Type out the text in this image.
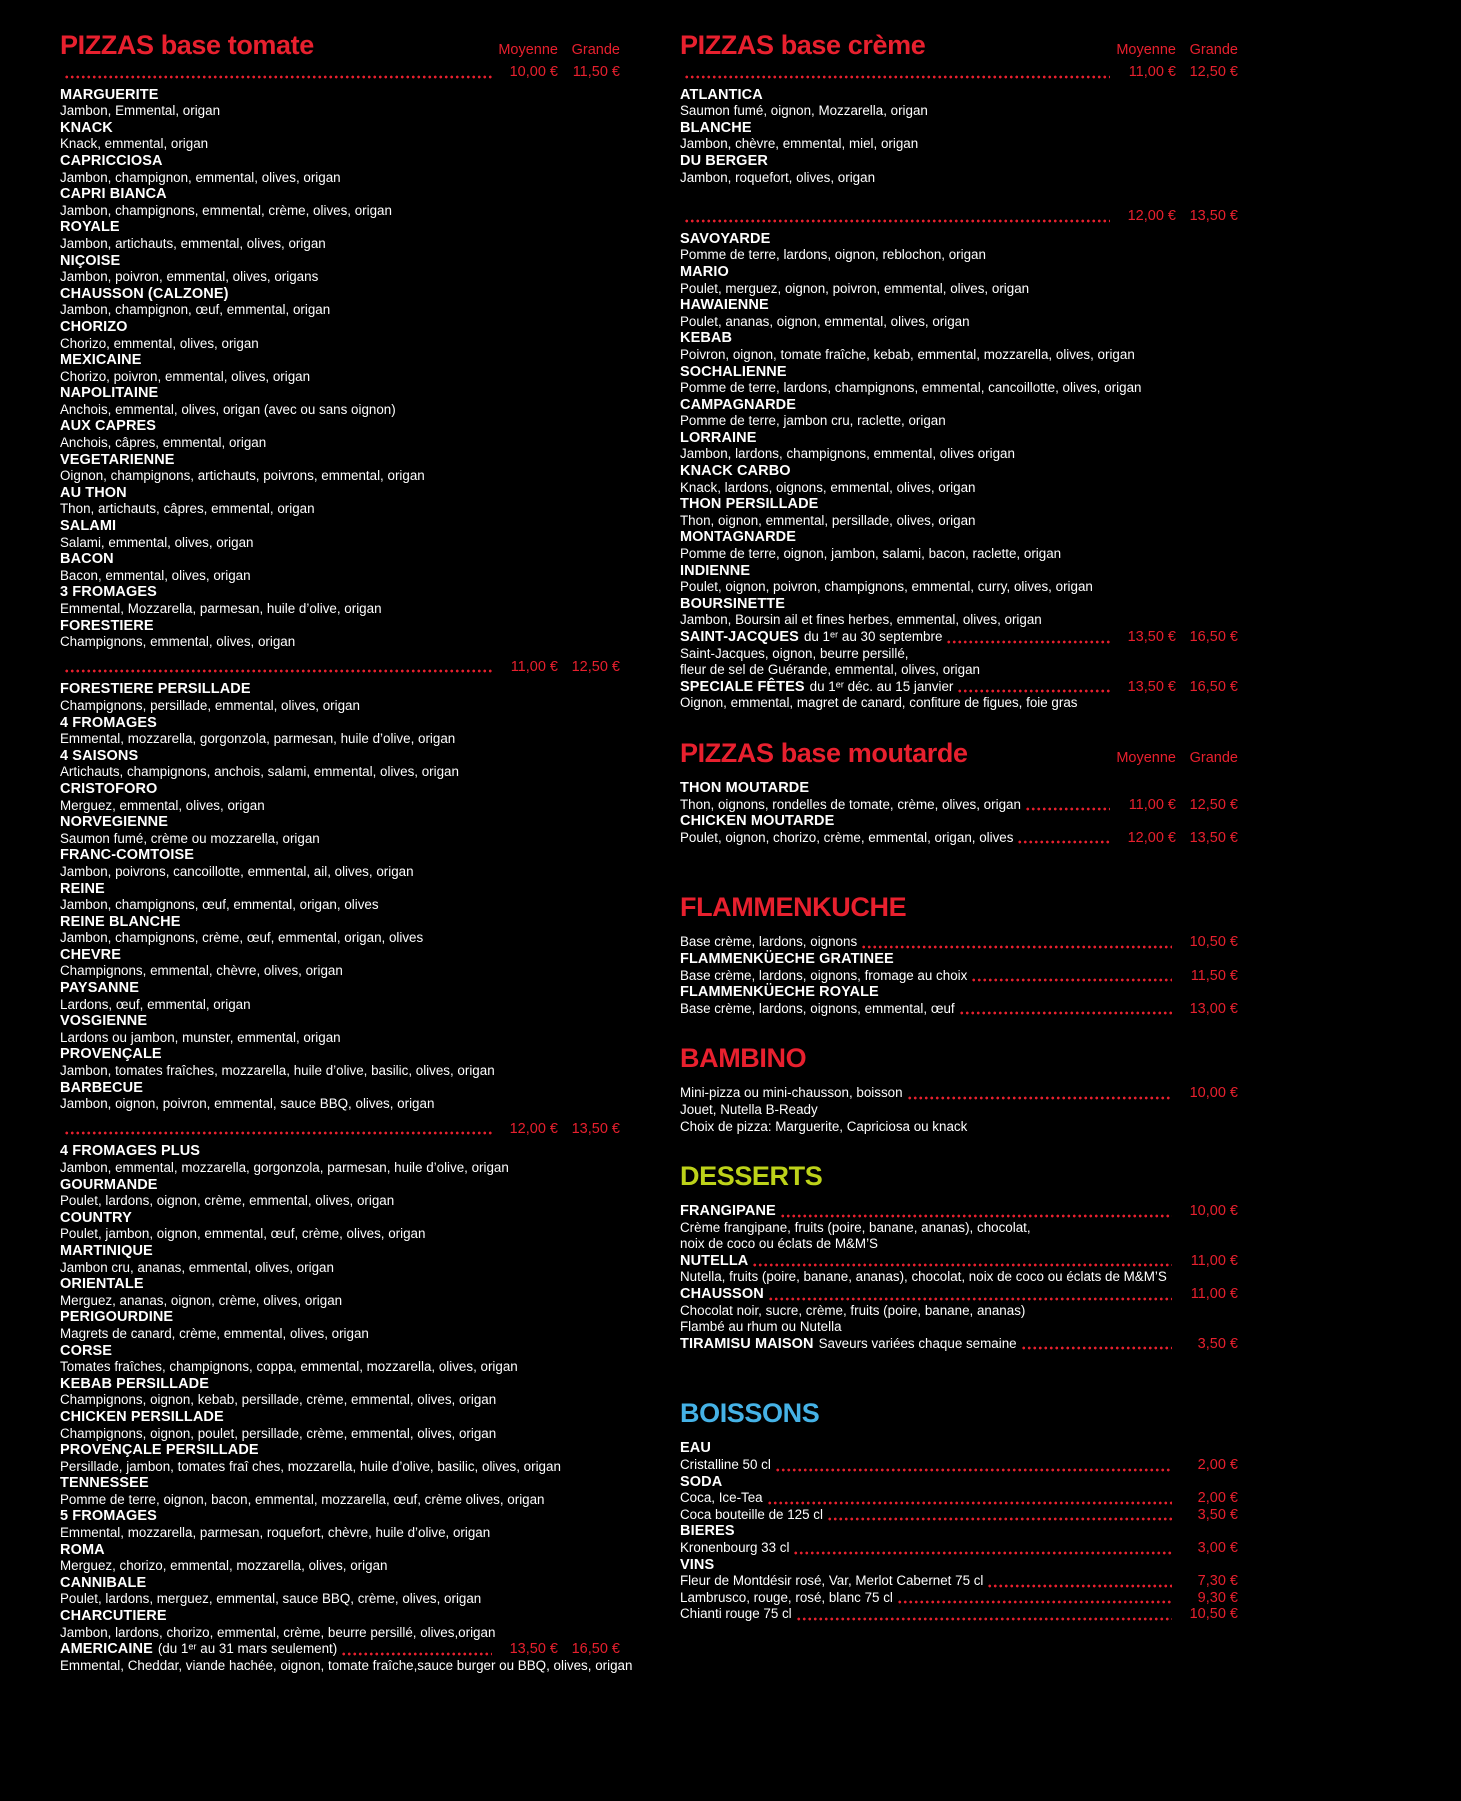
PIZZAS base tomate	Moyenne Grande
10,00 €	11,50 €
MARGUERITE
Jambon, Emmental, origan
KNACK
Knack, emmental, origan
CAPRICCIOSA
Jambon, champignon, emmental, olives, origan
CAPRI BIANCA
Jambon, champignons, emmental, crème, olives, origan
ROYALE
Jambon, artichauts, emmental, olives, origan
NIÇOISE
Jambon, poivron, emmental, olives, origans
CHAUSSON (CALZONE)
Jambon, champignon, œuf, emmental, origan
CHORIZO
Chorizo, emmental, olives, origan
MEXICAINE
Chorizo, poivron, emmental, olives, origan
NAPOLITAINE
Anchois, emmental, olives, origan (avec ou sans oignon)
AUX CAPRES
Anchois, câpres, emmental, origan
VEGETARIENNE
Oignon, champignons, artichauts, poivrons, emmental, origan
AU THON
Thon, artichauts, câpres, emmental, origan
SALAMI
Salami, emmental, olives, origan
BACON
Bacon, emmental, olives, origan
3 FROMAGES
Emmental, Mozzarella, parmesan, huile d’olive, origan
FORESTIERE
Champignons, emmental, olives, origan
11,00 € 12,50 €
FORESTIERE PERSILLADE
Champignons, persillade, emmental, olives, origan
4 FROMAGES
Emmental, mozzarella, gorgonzola, parmesan, huile d’olive, origan
4 SAISONS
Artichauts, champignons, anchois, salami, emmental, olives, origan
CRISTOFORO
Merguez, emmental, olives, origan
NORVEGIENNE
Saumon fumé, crème ou mozzarella, origan
FRANC-COMTOISE
Jambon, poivrons, cancoillotte, emmental, ail, olives, origan
REINE
Jambon, champignons, œuf, emmental, origan, olives
REINE BLANCHE
Jambon, champignons, crème, œuf, emmental, origan, olives
CHEVRE
Champignons, emmental, chèvre, olives, origan
PAYSANNE
Lardons, œuf, emmental, origan
VOSGIENNE
Lardons ou jambon, munster, emmental, origan
PROVENÇALE
Jambon, tomates fraîches, mozzarella, huile d’olive, basilic, olives, origan
BARBECUE
Jambon, oignon, poivron, emmental, sauce BBQ, olives, origan
12,00 € 13,50 €
4 FROMAGES PLUS
Jambon, emmental, mozzarella, gorgonzola, parmesan, huile d’olive, origan
GOURMANDE
Poulet, lardons, oignon, crème, emmental, olives, origan
COUNTRY
Poulet, jambon, oignon, emmental, œuf, crème, olives, origan
MARTINIQUE
Jambon cru, ananas, emmental, olives, origan
ORIENTALE
Merguez, ananas, oignon, crème, olives, origan
PERIGOURDINE
Magrets de canard, crème, emmental, olives, origan
CORSE
Tomates fraîches, champignons, coppa, emmental, mozzarella, olives, origan
KEBAB PERSILLADE
Champignons, oignon, kebab, persillade, crème, emmental, olives, origan
CHICKEN PERSILLADE
Champignons, oignon, poulet, persillade, crème, emmental, olives, origan
PROVENÇALE PERSILLADE
Persillade, jambon, tomates fraî ches, mozzarella, huile d’olive, basilic, olives, origan
TENNESSEE
Pomme de terre, oignon, bacon, emmental, mozzarella, œuf, crème olives, origan
5 FROMAGES
Emmental, mozzarella, parmesan, roquefort, chèvre, huile d’olive, origan
ROMA
Merguez, chorizo, emmental, mozzarella, olives, origan
CANNIBALE
Poulet, lardons, merguez, emmental, sauce BBQ, crème, olives, origan
CHARCUTIERE
Jambon, lardons, chorizo, emmental, crème, beurre persillé, olives,origan
AMERICAINE (du 1ᵉʳ au 31 mars seulement)	13,50 € 16,50 €
Emmental, Cheddar, viande hachée, oignon, tomate fraîche,sauce burger ou BBQ, olives, origan
PIZZAS base crème	Moyenne Grande
11,00 € 12,50 €
ATLANTICA
Saumon fumé, oignon, Mozzarella, origan
BLANCHE
Jambon, chèvre, emmental, miel, origan
DU BERGER
Jambon, roquefort, olives, origan
12,00 € 13,50 €
SAVOYARDE
Pomme de terre, lardons, oignon, reblochon, origan
MARIO
Poulet, merguez, oignon, poivron, emmental, olives, origan
HAWAIENNE
Poulet, ananas, oignon, emmental, olives, origan
KEBAB
Poivron, oignon, tomate fraîche, kebab, emmental, mozzarella, olives, origan
SOCHALIENNE
Pomme de terre, lardons, champignons, emmental, cancoillotte, olives, origan
CAMPAGNARDE
Pomme de terre, jambon cru, raclette, origan
LORRAINE
Jambon, lardons, champignons, emmental, olives origan
KNACK CARBO
Knack, lardons, oignons, emmental, olives, origan
THON PERSILLADE
Thon, oignon, emmental, persillade, olives, origan
MONTAGNARDE
Pomme de terre, oignon, jambon, salami, bacon, raclette, origan
INDIENNE
Poulet, oignon, poivron, champignons, emmental, curry, olives, origan
BOURSINETTE
Jambon, Boursin ail et fines herbes, emmental, olives, origan
SAINT-JACQUES du 1ᵉʳ au 30 septembre	13,50 € 16,50 €
Saint-Jacques, oignon, beurre persillé,
fleur de sel de Guérande, emmental, olives, origan
SPECIALE FÊTES du 1ᵉʳ déc. au 15 janvier	13,50 € 16,50 €
Oignon, emmental, magret de canard, confiture de figues, foie gras
PIZZAS base moutarde	Moyenne Grande
THON MOUTARDE
Thon, oignons, rondelles de tomate, crème, olives, origan	11,00 € 12,50 €
CHICKEN MOUTARDE
Poulet, oignon, chorizo, crème, emmental, origan, olives	12,00 € 13,50 €
FLAMMENKUCHE
Base crème, lardons, oignons	10,50 €
FLAMMENKÜECHE GRATINEE
Base crème, lardons, oignons, fromage au choix	11,50 €
FLAMMENKÜECHE ROYALE
Base crème, lardons, oignons, emmental, œuf	13,00 €
BAMBINO
Mini-pizza ou mini-chausson, boisson	10,00 €
Jouet, Nutella B-Ready
Choix de pizza: Marguerite, Capriciosa ou knack
DESSERTS
FRANGIPANE	10,00 €
Crème frangipane, fruits (poire, banane, ananas), chocolat,
noix de coco ou éclats de M&M’S
NUTELLA	11,00 €
Nutella, fruits (poire, banane, ananas), chocolat, noix de coco ou éclats de M&M’S
CHAUSSON	11,00 €
Chocolat noir, sucre, crème, fruits (poire, banane, ananas)
Flambé au rhum ou Nutella
TIRAMISU MAISON Saveurs variées chaque semaine	3,50 €
BOISSONS
EAU
Cristalline 50 cl	2,00 €
SODA
Coca, Ice-Tea	2,00 €
Coca bouteille de 125 cl	3,50 €
BIERES
Kronenbourg 33 cl	3,00 €
VINS
Fleur de Montdésir rosé, Var, Merlot Cabernet 75 cl	7,30 €
Lambrusco, rouge, rosé, blanc 75 cl	9,30 €
Chianti rouge 75 cl	10,50 €
